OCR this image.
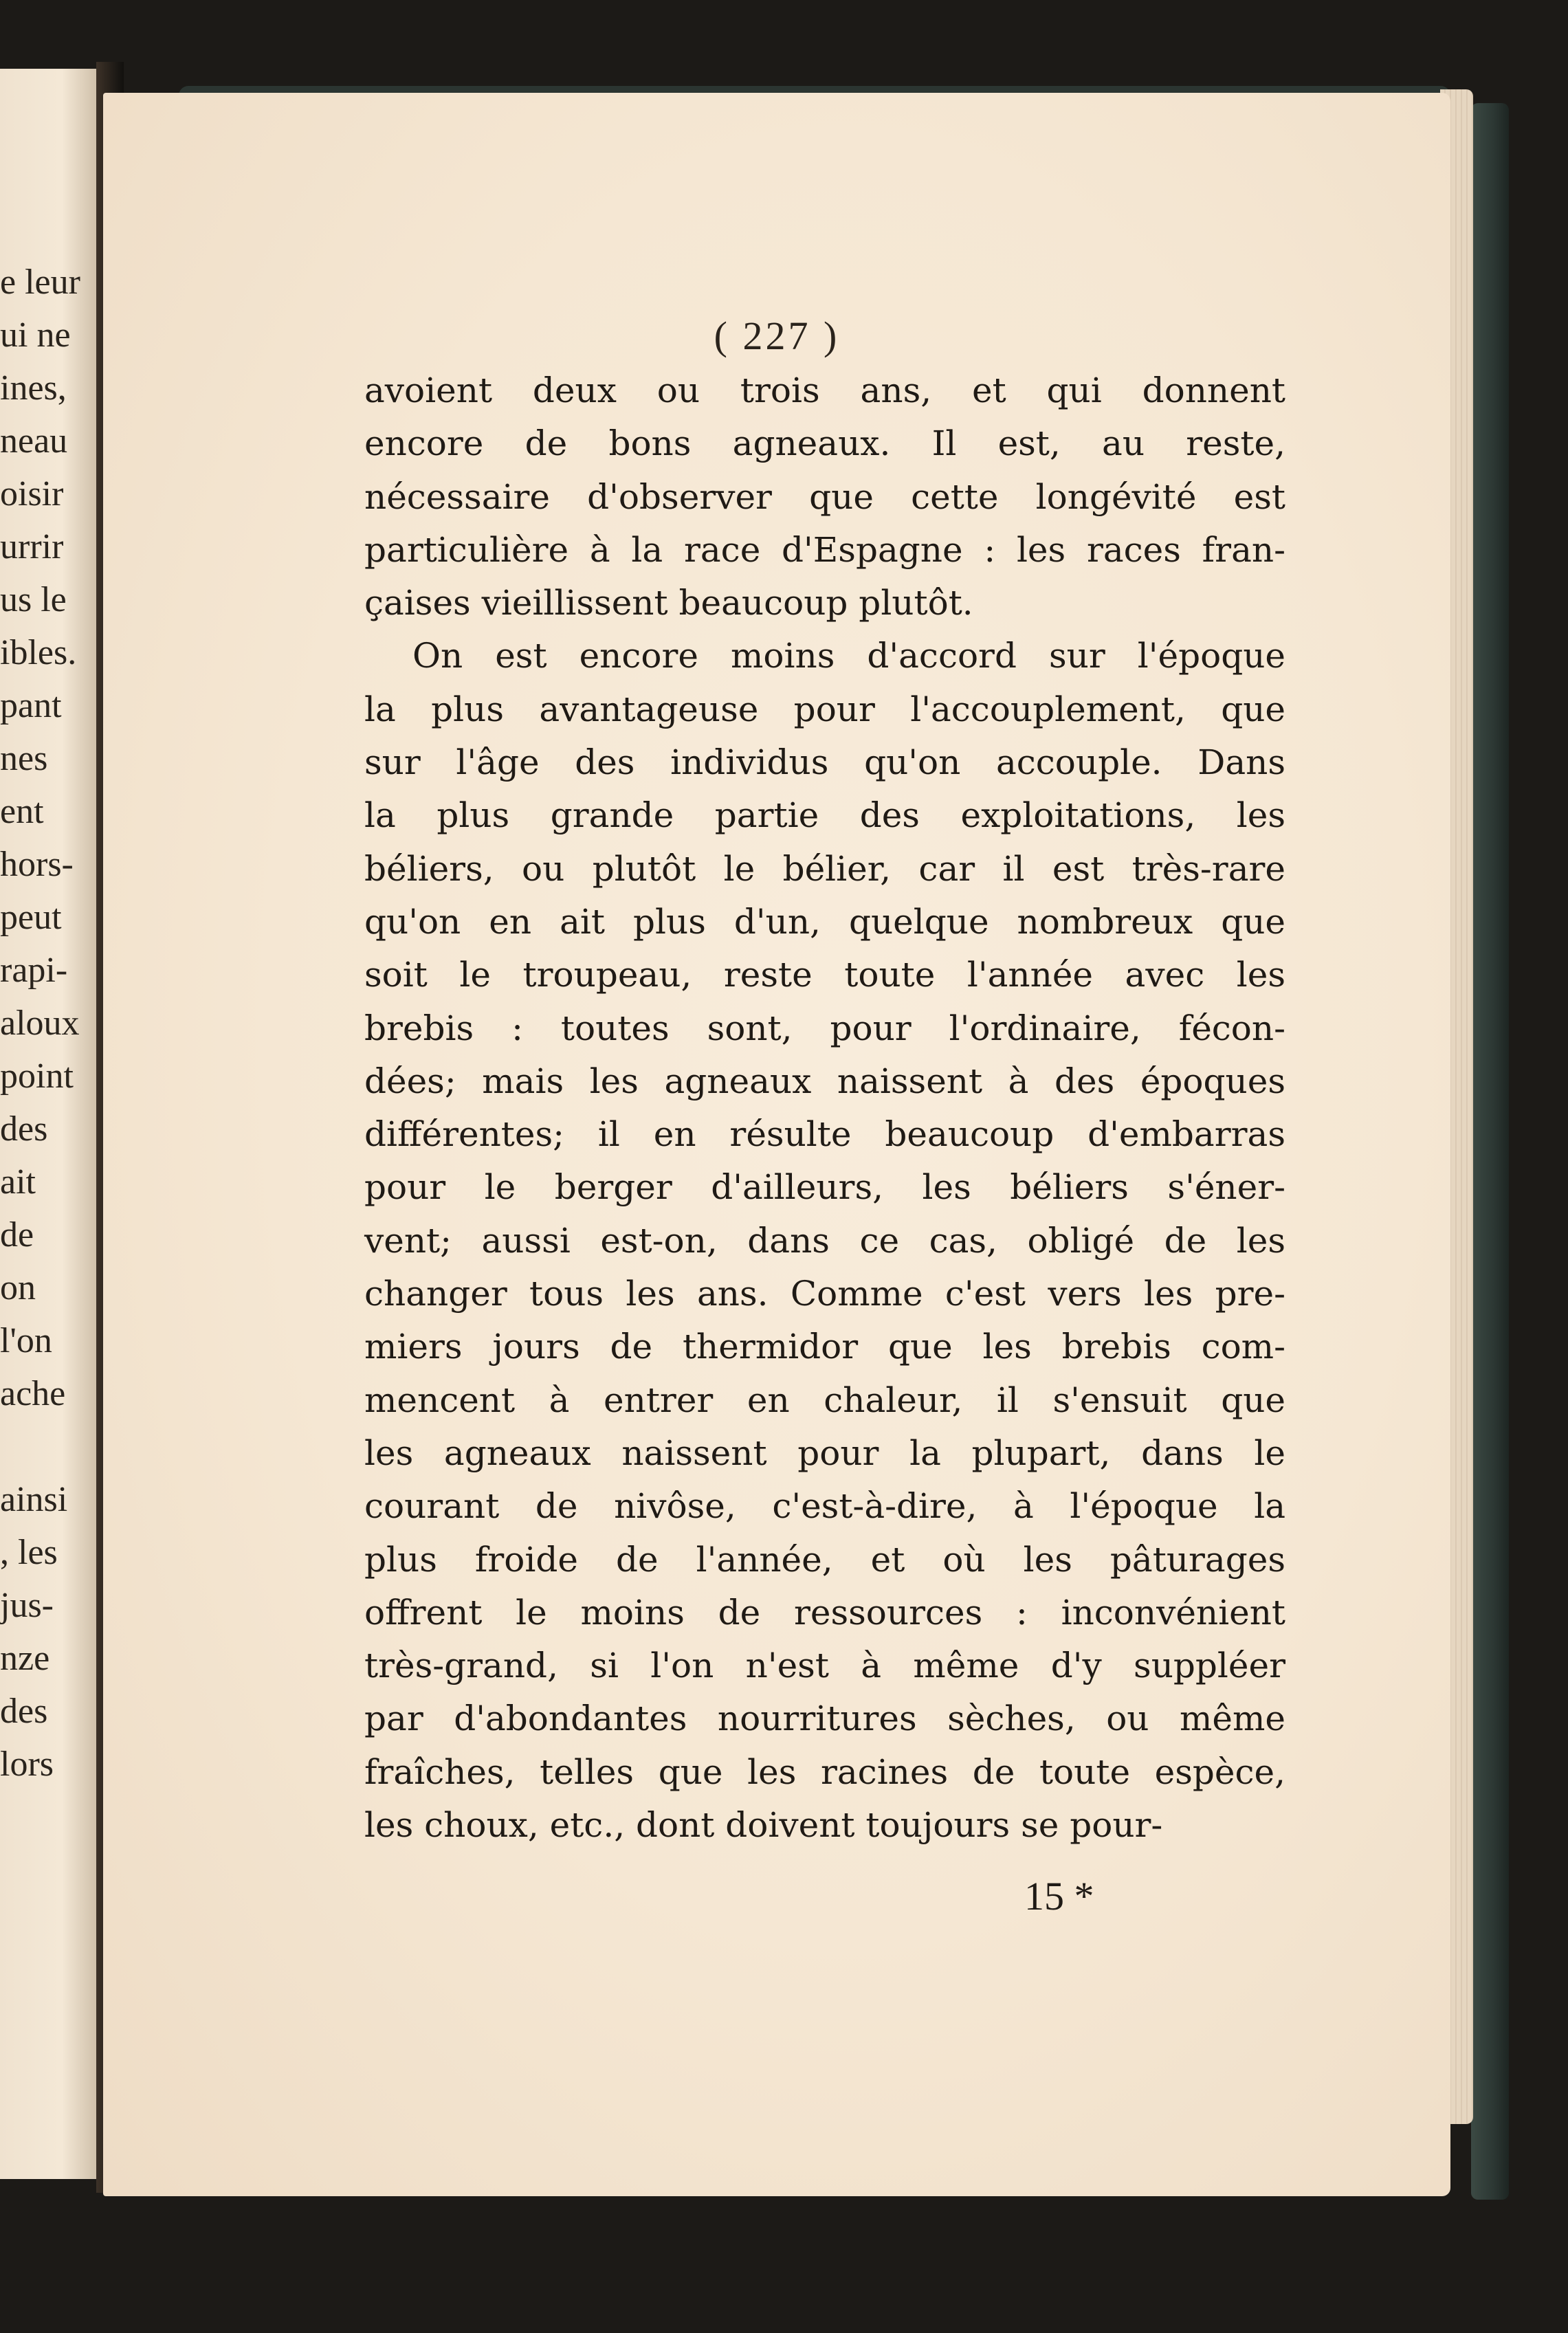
e leur
ui ne
ines,
neau
oisir
urrir
us le
ibles.
pant
nes
ent
hors-
peut
rapi-
aloux
point
des
ait
de
on
l'on
ache
ainsi
, les
jus-
nze
des
lors
( 227 )
avoient deux ou trois ans, et qui donnent
encore de bons agneaux. Il est, au reste,
nécessaire d'observer que cette longévité est
particulière à la race d'Espagne : les races fran-
çaises vieillissent beaucoup plutôt.
On est encore moins d'accord sur l'époque
la plus avantageuse pour l'accouplement, que
sur l'âge des individus qu'on accouple. Dans
la plus grande partie des exploitations, les
béliers, ou plutôt le bélier, car il est très-rare
qu'on en ait plus d'un, quelque nombreux que
soit le troupeau, reste toute l'année avec les
brebis : toutes sont, pour l'ordinaire, fécon-
dées; mais les agneaux naissent à des époques
différentes; il en résulte beaucoup d'embarras
pour le berger d'ailleurs, les béliers s'éner-
vent; aussi est-on, dans ce cas, obligé de les
changer tous les ans. Comme c'est vers les pre-
miers jours de thermidor que les brebis com-
mencent à entrer en chaleur, il s'ensuit que
les agneaux naissent pour la plupart, dans le
courant de nivôse, c'est-à-dire, à l'époque la
plus froide de l'année, et où les pâturages
offrent le moins de ressources : inconvénient
très-grand, si l'on n'est à même d'y suppléer
par d'abondantes nourritures sèches, ou même
fraîches, telles que les racines de toute espèce,
les choux, etc., dont doivent toujours se pour-
15 *
